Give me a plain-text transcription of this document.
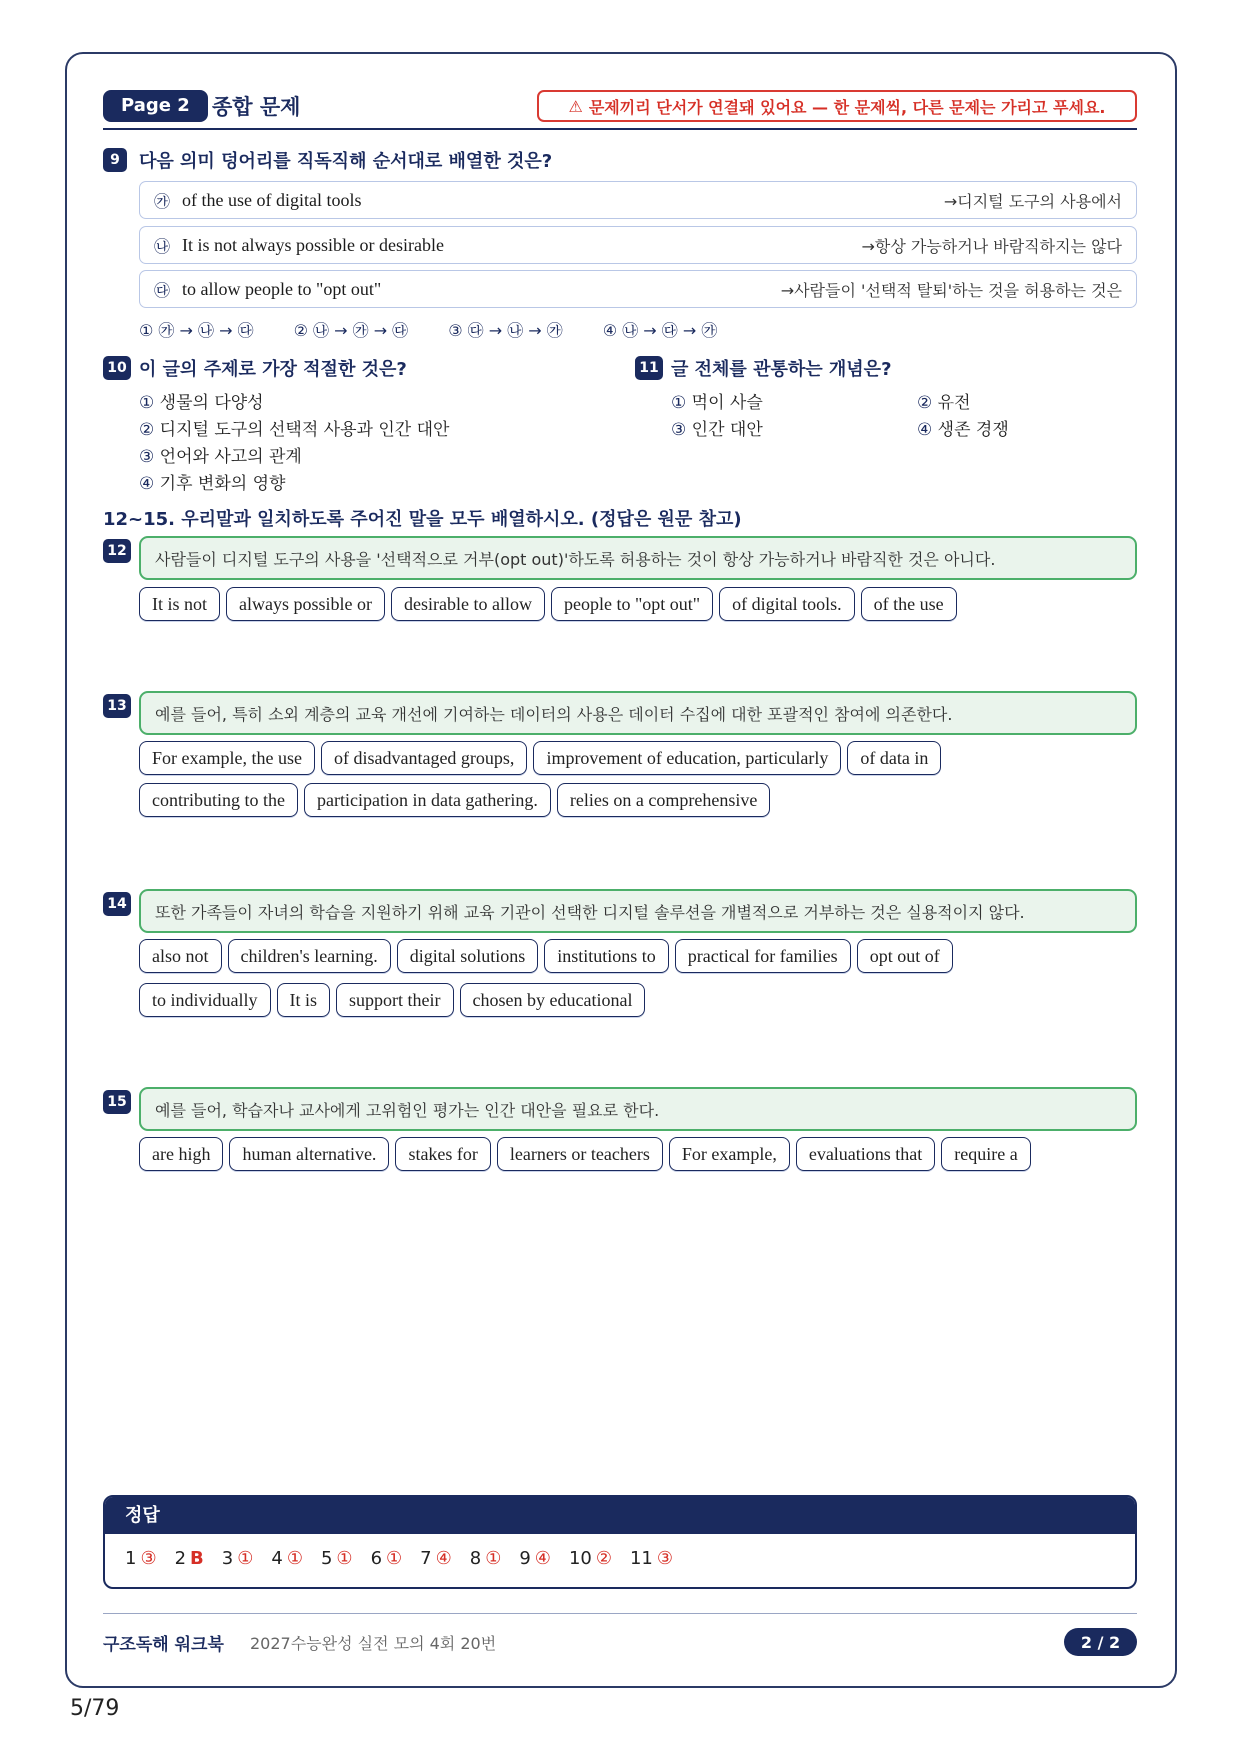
Page 2	종합 문제	⚠ 문제끼리 단서가 연결돼 있어요 — 한 문제씩, 다른 문제는 가리고 푸세요.
9	다음 의미 덩어리를 직독직해 순서대로 배열한 것은?
㉮ of the use of digital tools	→디지털 도구의 사용에서
㉯ It is not always possible or desirable	→항상 가능하거나 바람직하지는 않다
㉰ to allow people to "opt out"	→사람들이 '선택적 탈퇴'하는 것을 허용하는 것은
① ㉮ → ㉯ → ㉰	② ㉯ → ㉮ → ㉰	③ ㉰ → ㉯ → ㉮	④ ㉯ → ㉰ → ㉮
10 이 글의 주제로 가장 적절한 것은?
① 생물의 다양성
② 디지털 도구의 선택적 사용과 인간 대안
③ 언어와 사고의 관계
④ 기후 변화의 영향
11 글 전체를 관통하는 개념은?
① 먹이 사슬	② 유전
③ 인간 대안	④ 생존 경쟁
12~15. 우리말과 일치하도록 주어진 말을 모두 배열하시오. (정답은 원문 참고)
12	사람들이 디지털 도구의 사용을 '선택적으로 거부(opt out)'하도록 허용하는 것이 항상 가능하거나 바람직한 것은 아니다.
It is not	always possible or	desirable to allow	people to "opt out"	of digital tools.	of the use
13	예를 들어, 특히 소외 계층의 교육 개선에 기여하는 데이터의 사용은 데이터 수집에 대한 포괄적인 참여에 의존한다.
For example, the use	of disadvantaged groups,	improvement of education, particularly	of data in
contributing to the	participation in data gathering.	relies on a comprehensive
14	또한 가족들이 자녀의 학습을 지원하기 위해 교육 기관이 선택한 디지털 솔루션을 개별적으로 거부하는 것은 실용적이지 않다.
also not	children's learning.	digital solutions	institutions to	practical for families	opt out of
to individually	It is	support their	chosen by educational
15	예를 들어, 학습자나 교사에게 고위험인 평가는 인간 대안을 필요로 한다.
are high	human alternative.	stakes for	learners or teachers	For example,	evaluations that	require a
정답
1 ③ 2 B 3 ① 4 ① 5 ① 6 ① 7 ④ 8 ① 9 ④ 10 ② 11 ③
구조독해 워크북 2027수능완성 실전 모의 4회 20번	2 / 2
5/79
